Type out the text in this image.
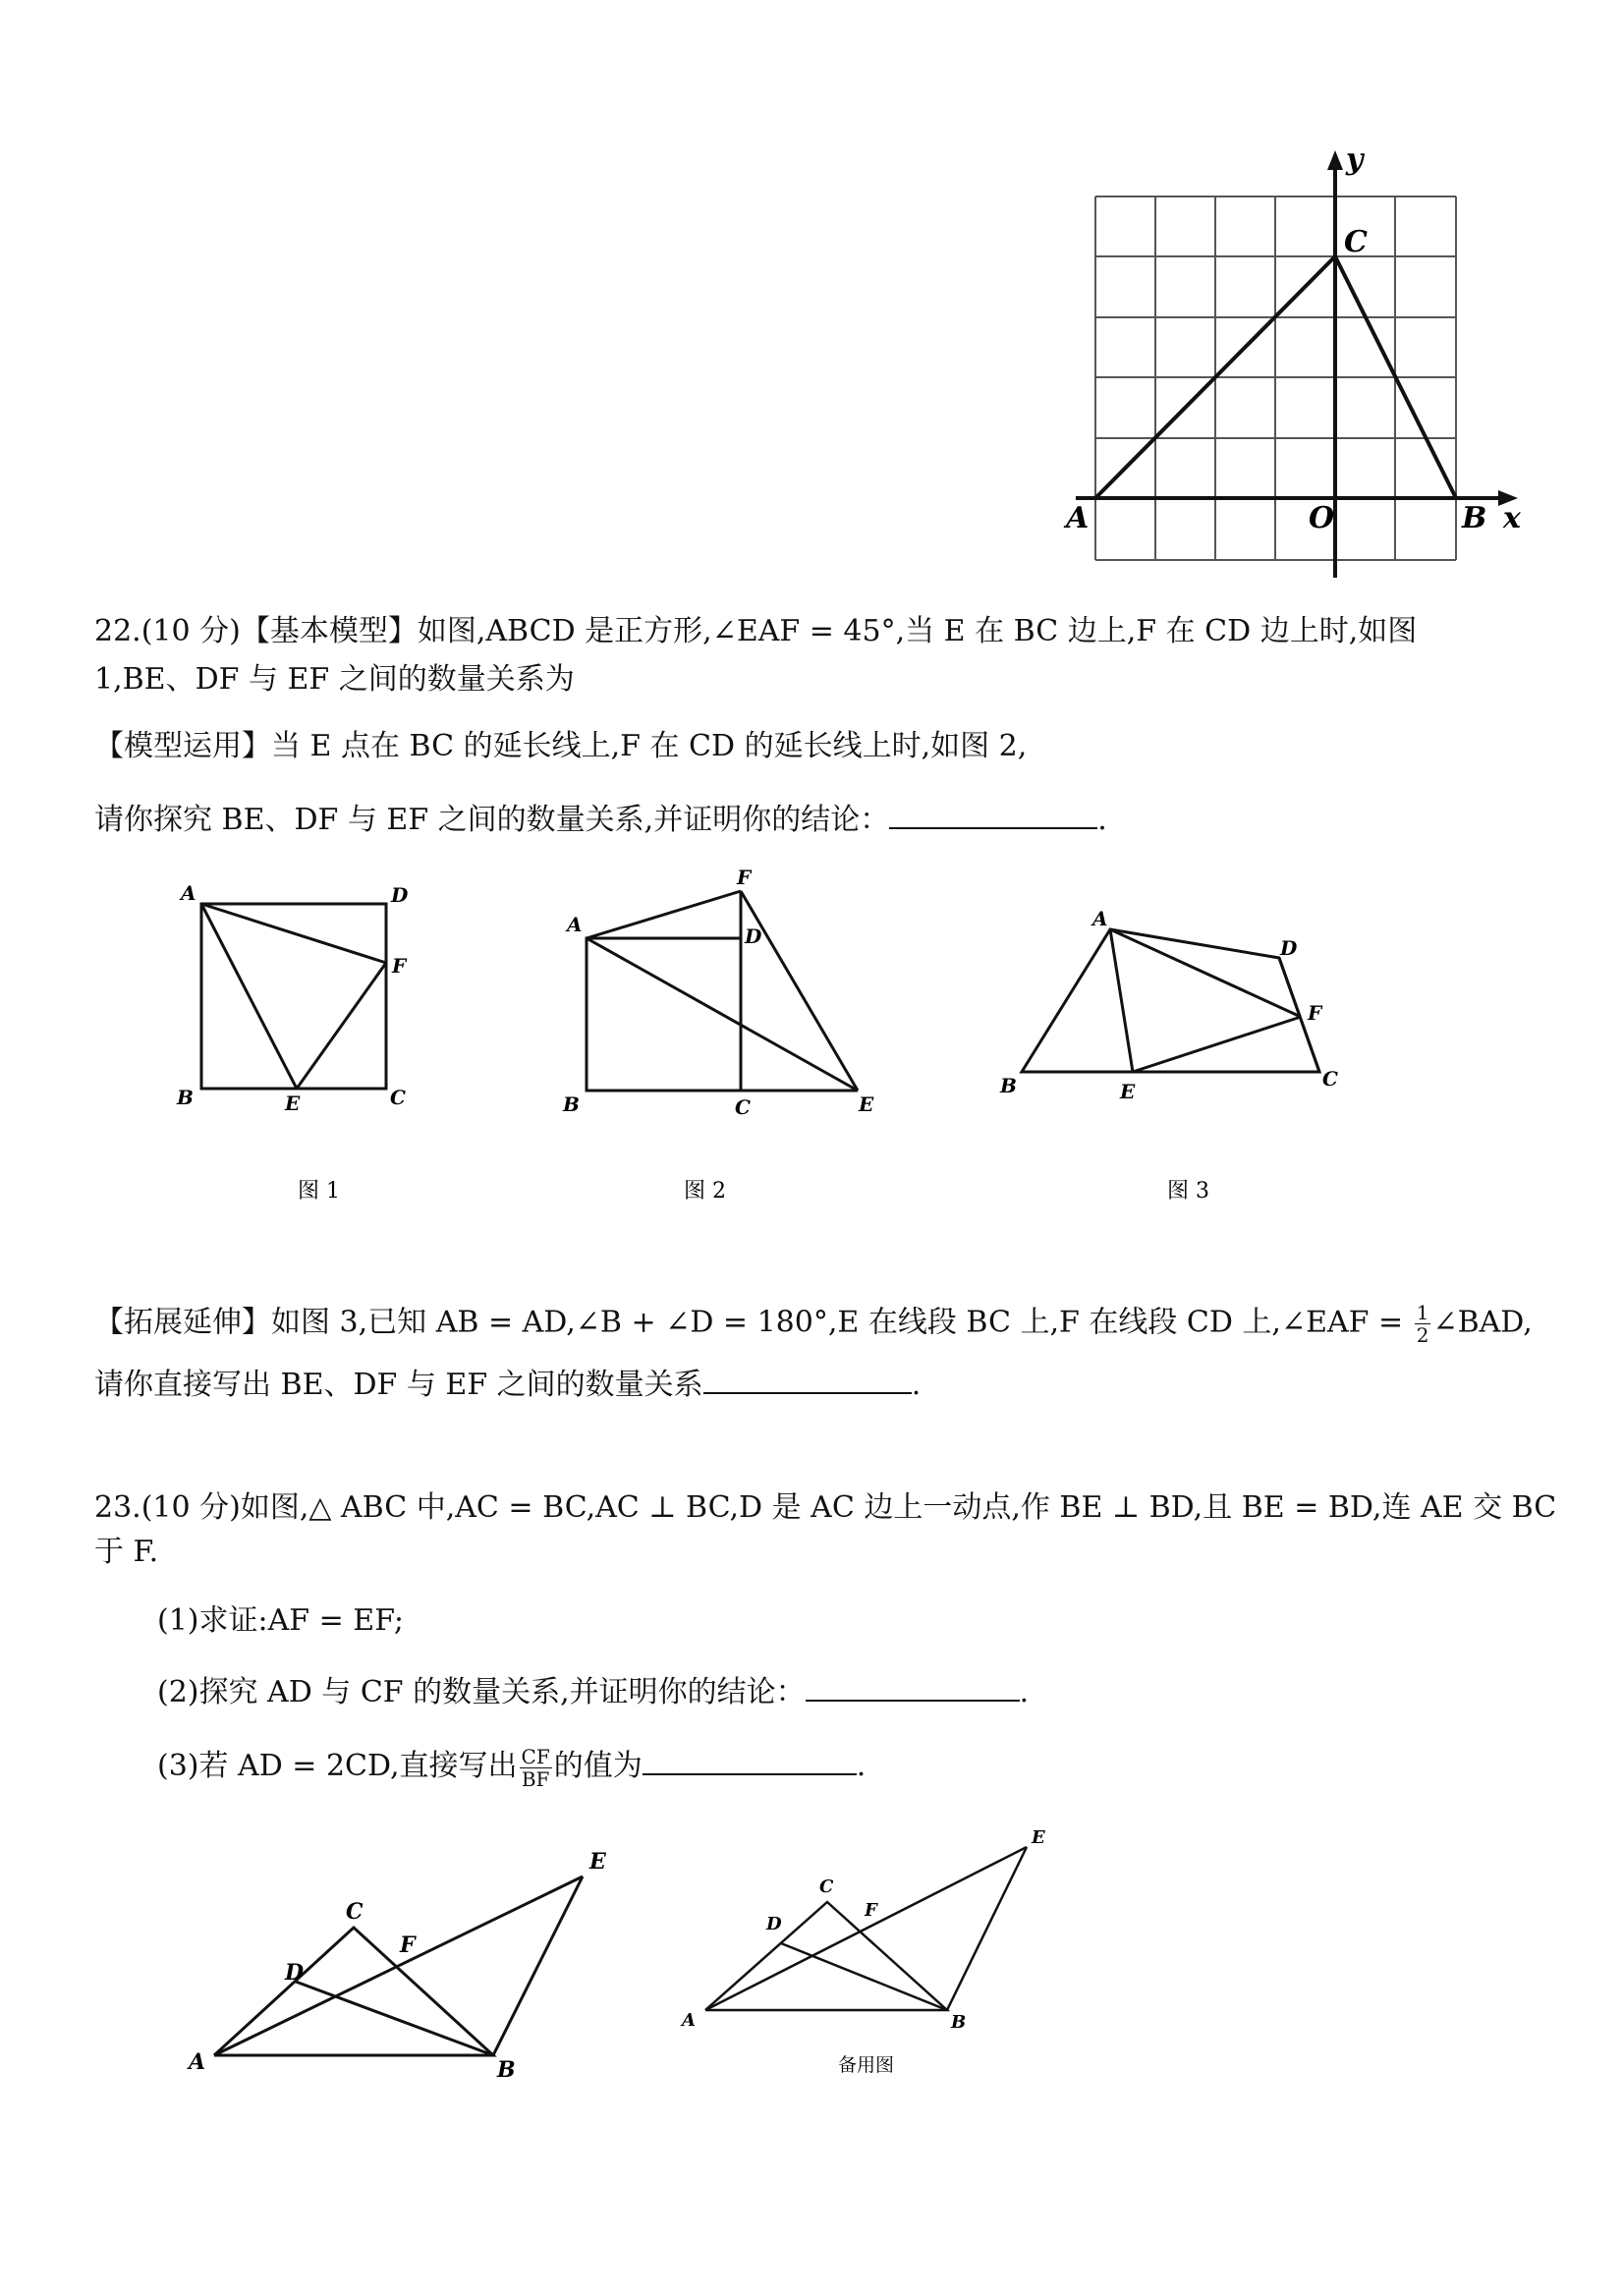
y
x
C
A	O	B
22.(10 分)【基本模型】如图,ABCD 是正方形,∠EAF = 45°,当 E 在 BC 边上,F 在 CD 边上时,如图
1,BE、DF 与 EF 之间的数量关系为
【模型运用】当 E 点在 BC 的延长线上,F 在 CD 的延长线上时,如图 2,
请你探究 BE、DF 与 EF 之间的数量关系,并证明你的结论：	.
A	D
F
B	E	C
图 1
F
A	D
B	C	E
图 2
A
D
F
B	E
C
图 3
【拓展延伸】如图 3,已知 AB = AD,∠B + ∠D = 180°,E 在线段 BC 上,F 在线段 CD 上,∠EAF = $\frac{1}{2}$ ∠BAD,
请你直接写出 BE、DF 与 EF 之间的数量关系	.
23.(10 分)如图,△ ABC 中,AC = BC,AC ⊥ BC,D 是 AC 边上一动点,作 BE ⊥ BD,且 BE = BD,连 AE 交 BC
于 F.
(1)求证:AF = EF;
(2)探究 AD 与 CF 的数量关系,并证明你的结论：	.
(3)若 AD = 2CD,直接写出 $\frac{CF}{BF}$ 的值为	.
C
D
F
E
A	B
C
D
F
E
A	B
备用图
